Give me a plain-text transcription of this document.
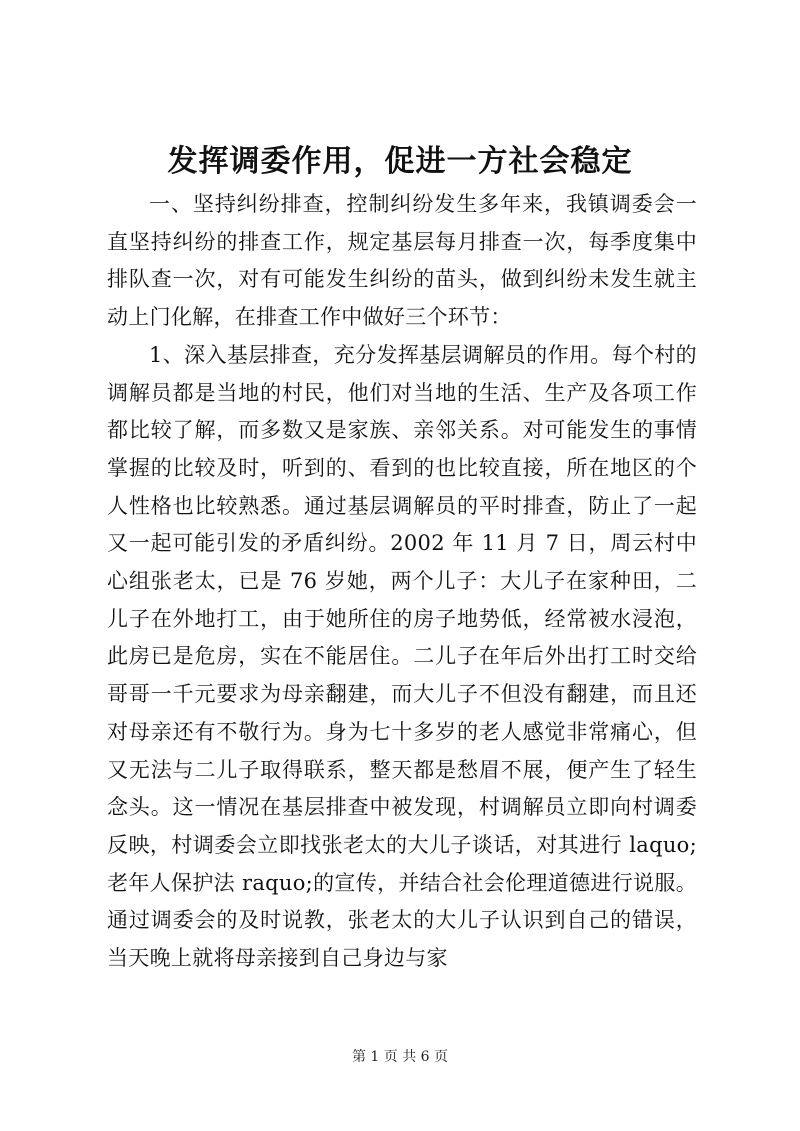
发挥调委作用，促进一方社会稳定

一、坚持纠纷排查，控制纠纷发生多年来，我镇调委会一直坚持纠纷的排查工作，规定基层每月排查一次，每季度集中排队查一次，对有可能发生纠纷的苗头，做到纠纷未发生就主动上门化解，在排查工作中做好三个环节：

1、深入基层排查，充分发挥基层调解员的作用。每个村的调解员都是当地的村民，他们对当地的生活、生产及各项工作都比较了解，而多数又是家族、亲邻关系。对可能发生的事情掌握的比较及时，听到的、看到的也比较直接，所在地区的个人性格也比较熟悉。通过基层调解员的平时排查，防止了一起又一起可能引发的矛盾纠纷。2002 年 11 月 7 日，周云村中心组张老太，已是 76 岁她，两个儿子：大儿子在家种田，二儿子在外地打工，由于她所住的房子地势低，经常被水浸泡，此房已是危房，实在不能居住。二儿子在年后外出打工时交给哥哥一千元要求为母亲翻建，而大儿子不但没有翻建，而且还对母亲还有不敬行为。身为七十多岁的老人感觉非常痛心，但又无法与二儿子取得联系，整天都是愁眉不展，便产生了轻生念头。这一情况在基层排查中被发现，村调解员立即向村调委反映，村调委会立即找张老太的大儿子谈话，对其进行 laquo;老年人保护法 raquo;的宣传，并结合社会伦理道德进行说服。通过调委会的及时说教，张老太的大儿子认识到自己的错误，当天晚上就将母亲接到自己身边与家

第 1 页 共 6 页
